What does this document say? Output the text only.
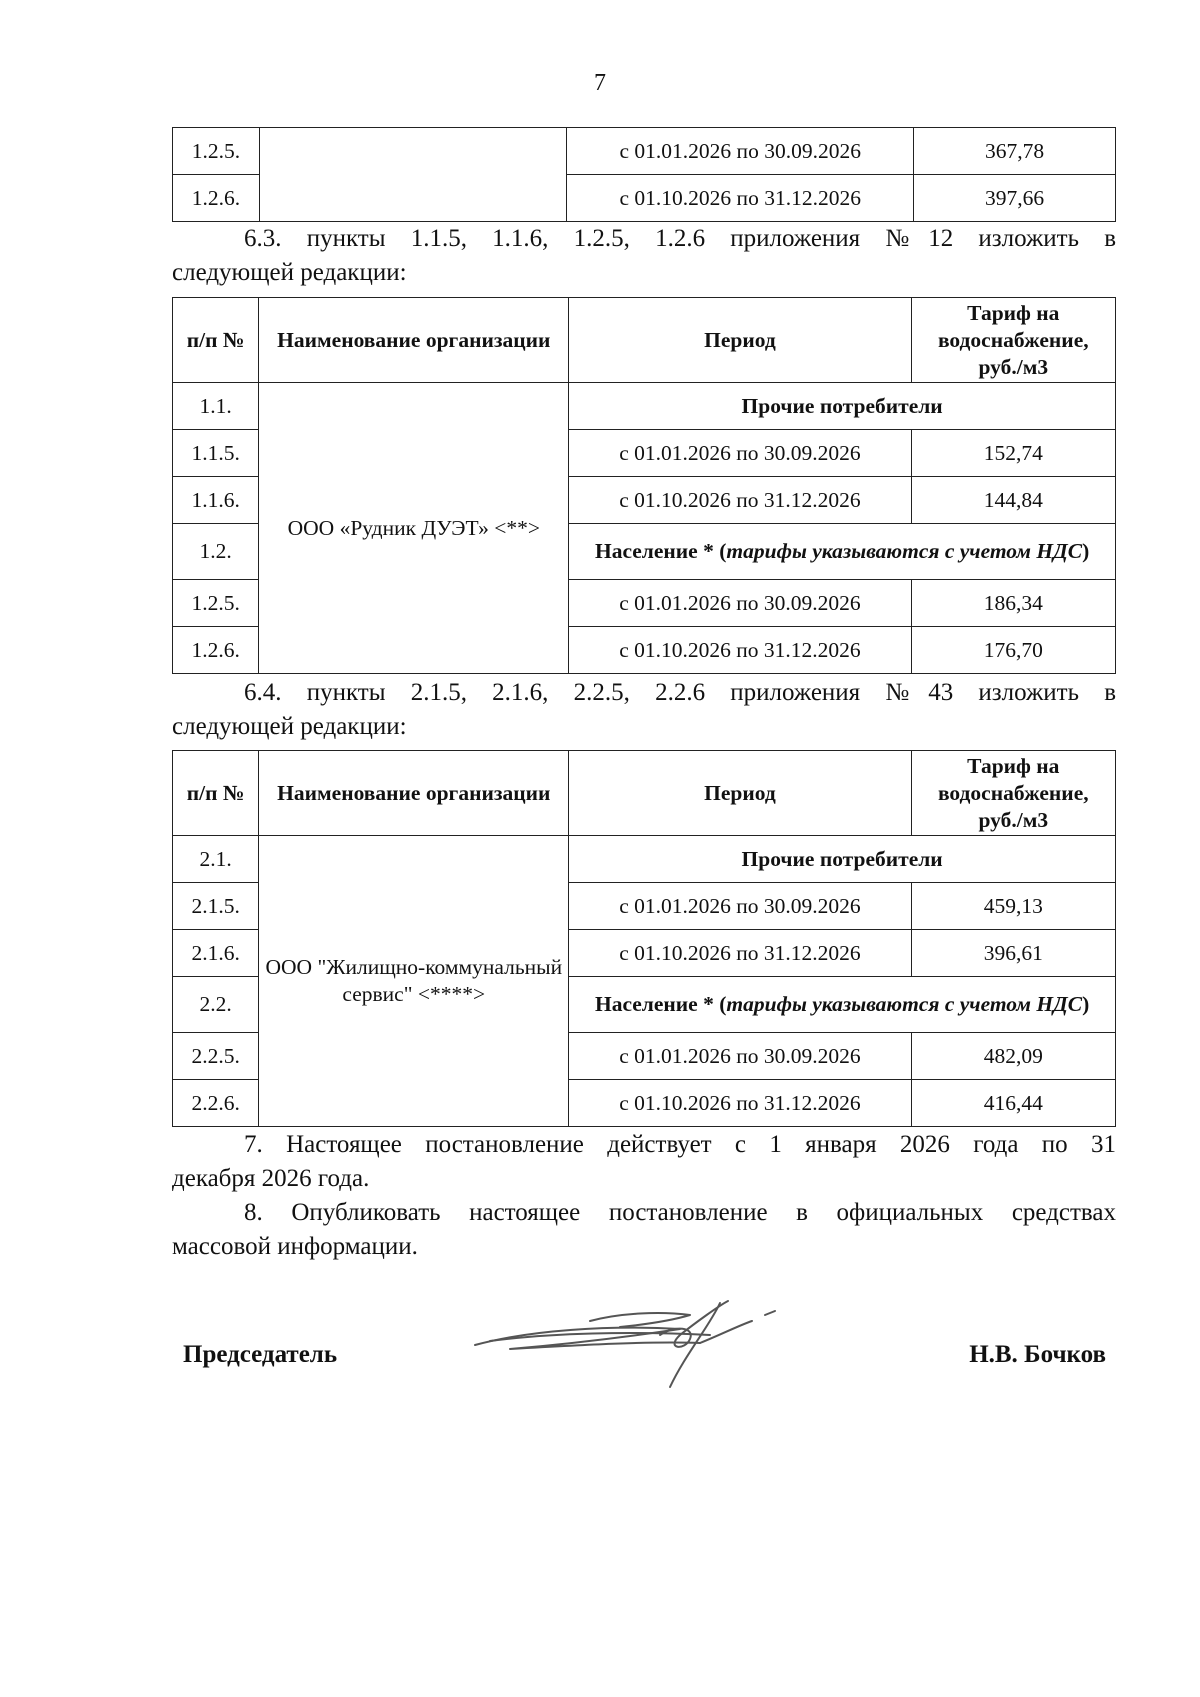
7
1.2.5.		с 01.01.2026 по 30.09.2026	367,78
1.2.6.		с 01.10.2026 по 31.12.2026	397,66
6.3. пункты 1.1.5, 1.1.6, 1.2.5, 1.2.6 приложения №12 изложить в
следующей редакции:
п/п №	Наименование организации	Период	Тариф на водоснабжение, руб./м3
1.1.	ООО «Рудник ДУЭТ» <**>	Прочие потребители	
1.1.5.		с 01.01.2026 по 30.09.2026	152,74
1.1.6.		с 01.10.2026 по 31.12.2026	144,84
1.2.		Население * (тарифы указываются с учетом НДС)	
1.2.5.		с 01.01.2026 по 30.09.2026	186,34
1.2.6.		с 01.10.2026 по 31.12.2026	176,70
6.4. пункты 2.1.5, 2.1.6, 2.2.5, 2.2.6 приложения №43 изложить в
следующей редакции:
п/п №	Наименование организации	Период	Тариф на водоснабжение, руб./м3
2.1.	ООО "Жилищно-коммунальный сервис" <****>	Прочие потребители	
2.1.5.		с 01.01.2026 по 30.09.2026	459,13
2.1.6.		с 01.10.2026 по 31.12.2026	396,61
2.2.		Население * (тарифы указываются с учетом НДС)	
2.2.5.		с 01.01.2026 по 30.09.2026	482,09
2.2.6.		с 01.10.2026 по 31.12.2026	416,44
7. Настоящее постановление действует с 1 января 2026 года по 31
декабря 2026 года.
8. Опубликовать настоящее постановление в официальных средствах
массовой информации.
Председатель	Н.В. Бочков
